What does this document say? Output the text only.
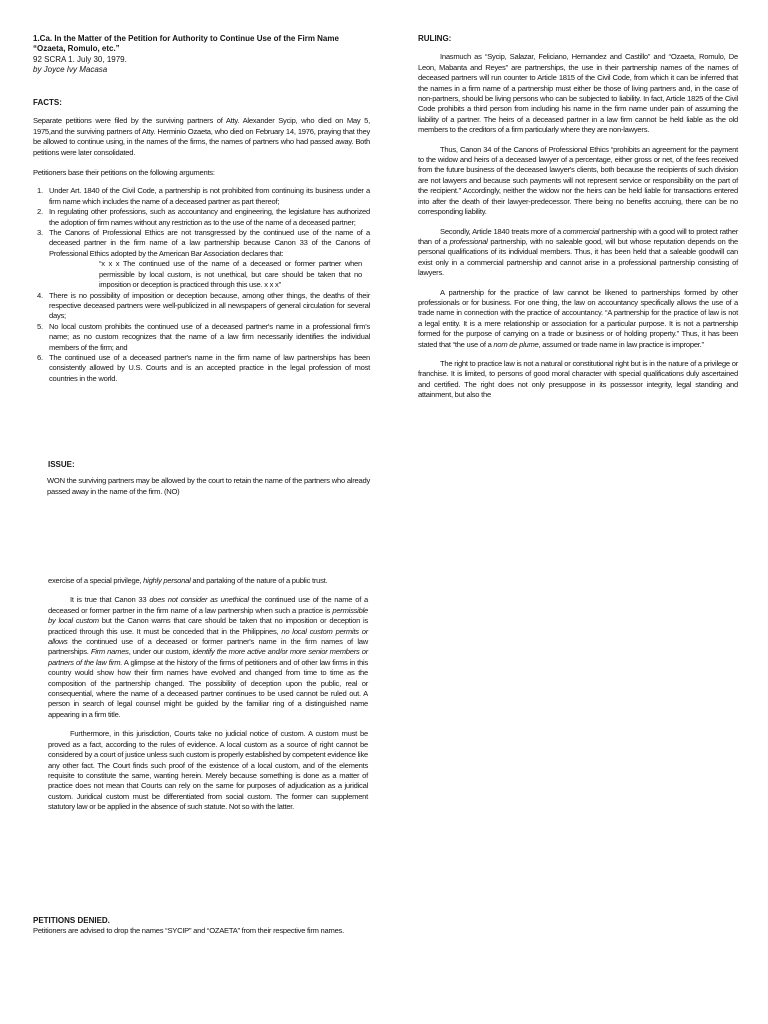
1.Ca. In the Matter of the Petition for Authority to Continue Use of the Firm Name
“Ozaeta, Romulo, etc.”
92 SCRA 1. July 30, 1979.
by Joyce Ivy Macasa
FACTS:

Separate petitions were filed by the surviving partners of Atty. Alexander Sycip, who died on May 5, 1975,and the surviving partners of Atty. Herminio Ozaeta, who died on February 14, 1976, praying that they be allowed to continue using, in the names of the firms, the names of partners who had passed away. Both petitions were later consolidated.

Petitioners base their petitions on the following arguments:

1. Under Art. 1840 of the Civil Code, a partnership is not prohibited from continuing its business under a firm name which includes the name of a deceased partner as part thereof;
2. In regulating other professions, such as accountancy and engineering, the legislature has authorized the adoption of firm names without any restriction as to the use of the name of a deceased partner;
3. The Canons of Professional Ethics are not transgressed by the continued use of the name of a deceased partner in the firm name of a law partnership because Canon 33 of the Canons of Professional Ethics adopted by the American Bar Association declares that:
“x x x The continued use of the name of a deceased or former partner when permissible by local custom, is not unethical, but care should be taken that no imposition or deception is practiced through this use. x x x”
4. There is no possibility of imposition or deception because, among other things, the deaths of their respective deceased partners were well-publicized in all newspapers of general circulation for several days;
5. No local custom prohibits the continued use of a deceased partner's name in a professional firm's name; as no custom recognizes that the name of a law firm necessarily identifies the individual members of the firm; and
6. The continued use of a deceased partner's name in the firm name of law partnerships has been consistently allowed by U.S. Courts and is an accepted practice in the legal profession of most countries in the world.
ISSUE:

WON the surviving partners may be allowed by the court to retain the name of the partners who already passed away in the name of the firm. (NO)

RULING:

Inasmuch as “Sycip, Salazar, Feliciano, Hernandez and Castillo” and “Ozaeta, Romulo, De Leon, Mabanta and Reyes” are partnerships, the use in their partnership names of the names of deceased partners will run counter to Article 1815 of the Civil Code, from which it can be inferred that the names in a firm name of a partnership must either be those of living partners and, in the case of non-partners, should be living persons who can be subjected to liability. In fact, Article 1825 of the Civil Code prohibits a third person from including his name in the firm name under pain of assuming the liability of a partner. The heirs of a deceased partner in a law firm cannot be held liable as the old members to the creditors of a firm particularly where they are non-lawyers.

Thus, Canon 34 of the Canons of Professional Ethics “prohibits an agreement for the payment to the widow and heirs of a deceased lawyer of a percentage, either gross or net, of the fees received from the future business of the deceased lawyer's clients, both because the recipients of such division are not lawyers and because such payments will not represent service or responsibility on the part of the recipient.” Accordingly, neither the widow nor the heirs can be held liable for transactions entered into after the death of their lawyer-predecessor. There being no benefits accruing, there can be no corresponding liability.

Secondly, Article 1840 treats more of a commercial partnership with a good will to protect rather than of a professional partnership, with no saleable good, will but whose reputation depends on the personal qualifications of its individual members. Thus, it has been held that a saleable goodwill can exist only in a commercial partnership and cannot arise in a professional partnership consisting of lawyers.

A partnership for the practice of law cannot be likened to partnerships formed by other professionals or for business. For one thing, the law on accountancy specifically allows the use of a trade name in connection with the practice of accountancy. “A partnership for the practice of law is not a legal entity. It is a mere relationship or association for a particular purpose. It is not a partnership formed for the purpose of carrying on a trade or business or of holding property.” Thus, it has been stated that “the use of a nom de plume, assumed or trade name in law practice is improper.”

The right to practice law is not a natural or constitutional right but is in the nature of a privilege or franchise. It is limited, to persons of good moral character with special qualifications duly ascertained and certified. The right does not only presuppose in its possessor integrity, legal standing and attainment, but also the

exercise of a special privilege, highly personal and partaking of the nature of a public trust.

It is true that Canon 33 does not consider as unethical the continued use of the name of a deceased or former partner in the firm name of a law partnership when such a practice is permissible by local custom but the Canon warns that care should be taken that no imposition or deception is practiced through this use. It must be conceded that in the Philippines, no local custom permits or allows the continued use of a deceased or former partner's name in the firm names of law partnerships. Firm names, under our custom, identify the more active and/or more senior members or partners of the law firm. A glimpse at the history of the firms of petitioners and of other law firms in this country would show how their firm names have evolved and changed from time to time as the composition of the partnership changed. The possibility of deception upon the public, real or consequential, where the name of a deceased partner continues to be used cannot be ruled out. A person in search of legal counsel might be guided by the familiar ring of a distinguished name appearing in a firm title.

Furthermore, in this jurisdiction, Courts take no judicial notice of custom. A custom must be proved as a fact, according to the rules of evidence. A local custom as a source of right cannot be considered by a court of justice unless such custom is properly established by competent evidence like any other fact. The Court finds such proof of the existence of a local custom, and of the elements requisite to constitute the same, wanting herein. Merely because something is done as a matter of practice does not mean that Courts can rely on the same for purposes of adjudication as a juridical custom. Juridical custom must be differentiated from social custom. The former can supplement statutory law or be applied in the absence of such statute. Not so with the latter.

PETITIONS DENIED.

Petitioners are advised to drop the names “SYCIP” and “OZAETA” from their respective firm names.
